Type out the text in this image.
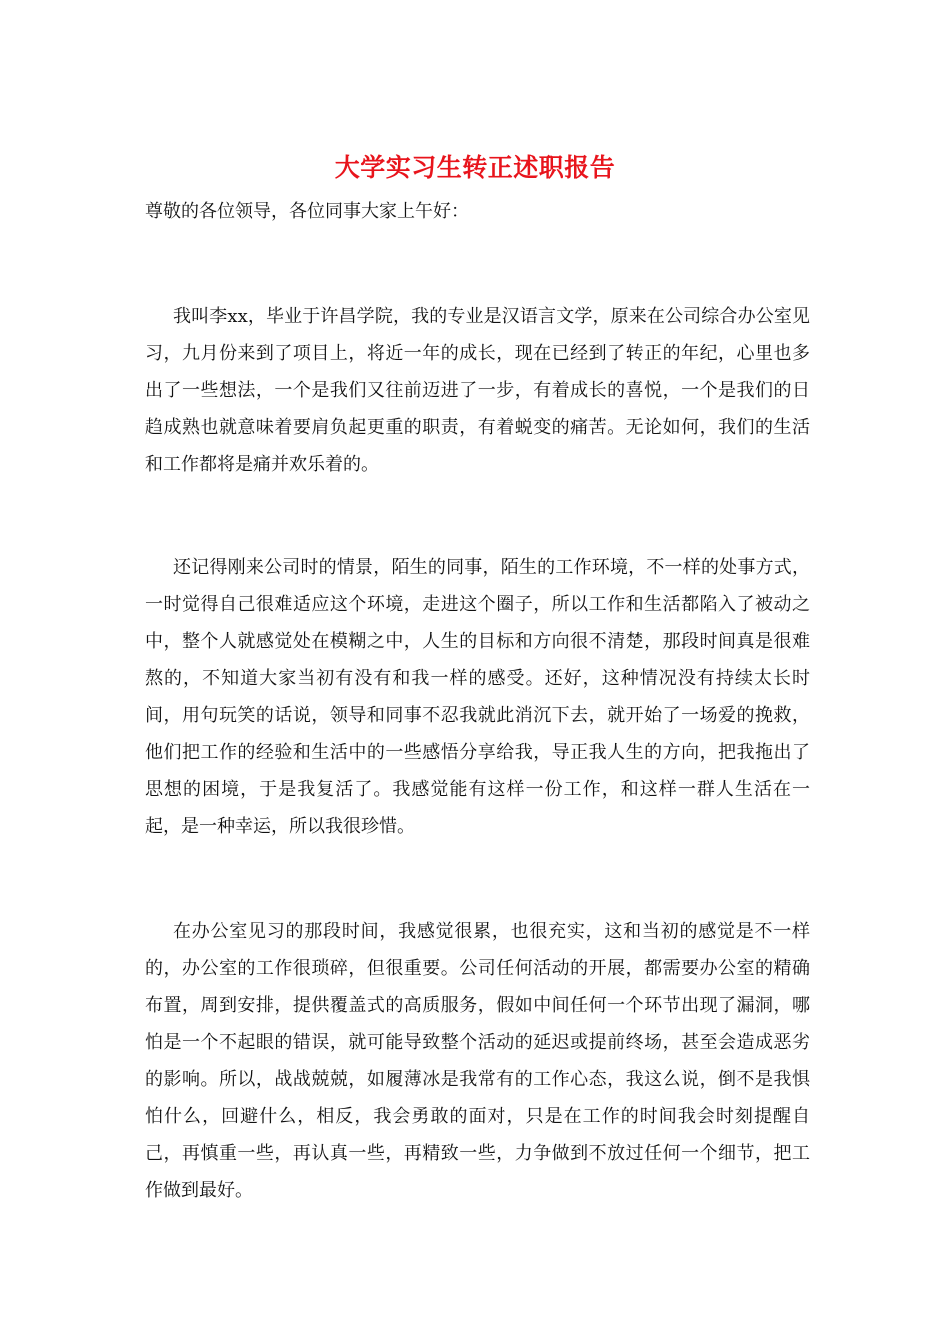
大学实习生转正述职报告
尊敬的各位领导，各位同事大家上午好：

我叫李xx，毕业于许昌学院，我的专业是汉语言文学，原来在公司综合办公室见习，九月份来到了项目上，将近一年的成长，现在已经到了转正的年纪，心里也多出了一些想法，一个是我们又往前迈进了一步，有着成长的喜悦，一个是我们的日趋成熟也就意味着要肩负起更重的职责，有着蜕变的痛苦。无论如何，我们的生活和工作都将是痛并欢乐着的。

还记得刚来公司时的情景，陌生的同事，陌生的工作环境，不一样的处事方式，一时觉得自己很难适应这个环境，走进这个圈子，所以工作和生活都陷入了被动之中，整个人就感觉处在模糊之中，人生的目标和方向很不清楚，那段时间真是很难熬的，不知道大家当初有没有和我一样的感受。还好，这种情况没有持续太长时间，用句玩笑的话说，领导和同事不忍我就此消沉下去，就开始了一场爱的挽救，他们把工作的经验和生活中的一些感悟分享给我，导正我人生的方向，把我拖出了思想的困境，于是我复活了。我感觉能有这样一份工作，和这样一群人生活在一起，是一种幸运，所以我很珍惜。

在办公室见习的那段时间，我感觉很累，也很充实，这和当初的感觉是不一样的，办公室的工作很琐碎，但很重要。公司任何活动的开展，都需要办公室的精确布置，周到安排，提供覆盖式的高质服务，假如中间任何一个环节出现了漏洞，哪怕是一个不起眼的错误，就可能导致整个活动的延迟或提前终场，甚至会造成恶劣的影响。所以，战战兢兢，如履薄冰是我常有的工作心态，我这么说，倒不是我惧怕什么，回避什么，相反，我会勇敢的面对，只是在工作的时间我会时刻提醒自己，再慎重一些，再认真一些，再精致一些，力争做到不放过任何一个细节，把工作做到最好。
